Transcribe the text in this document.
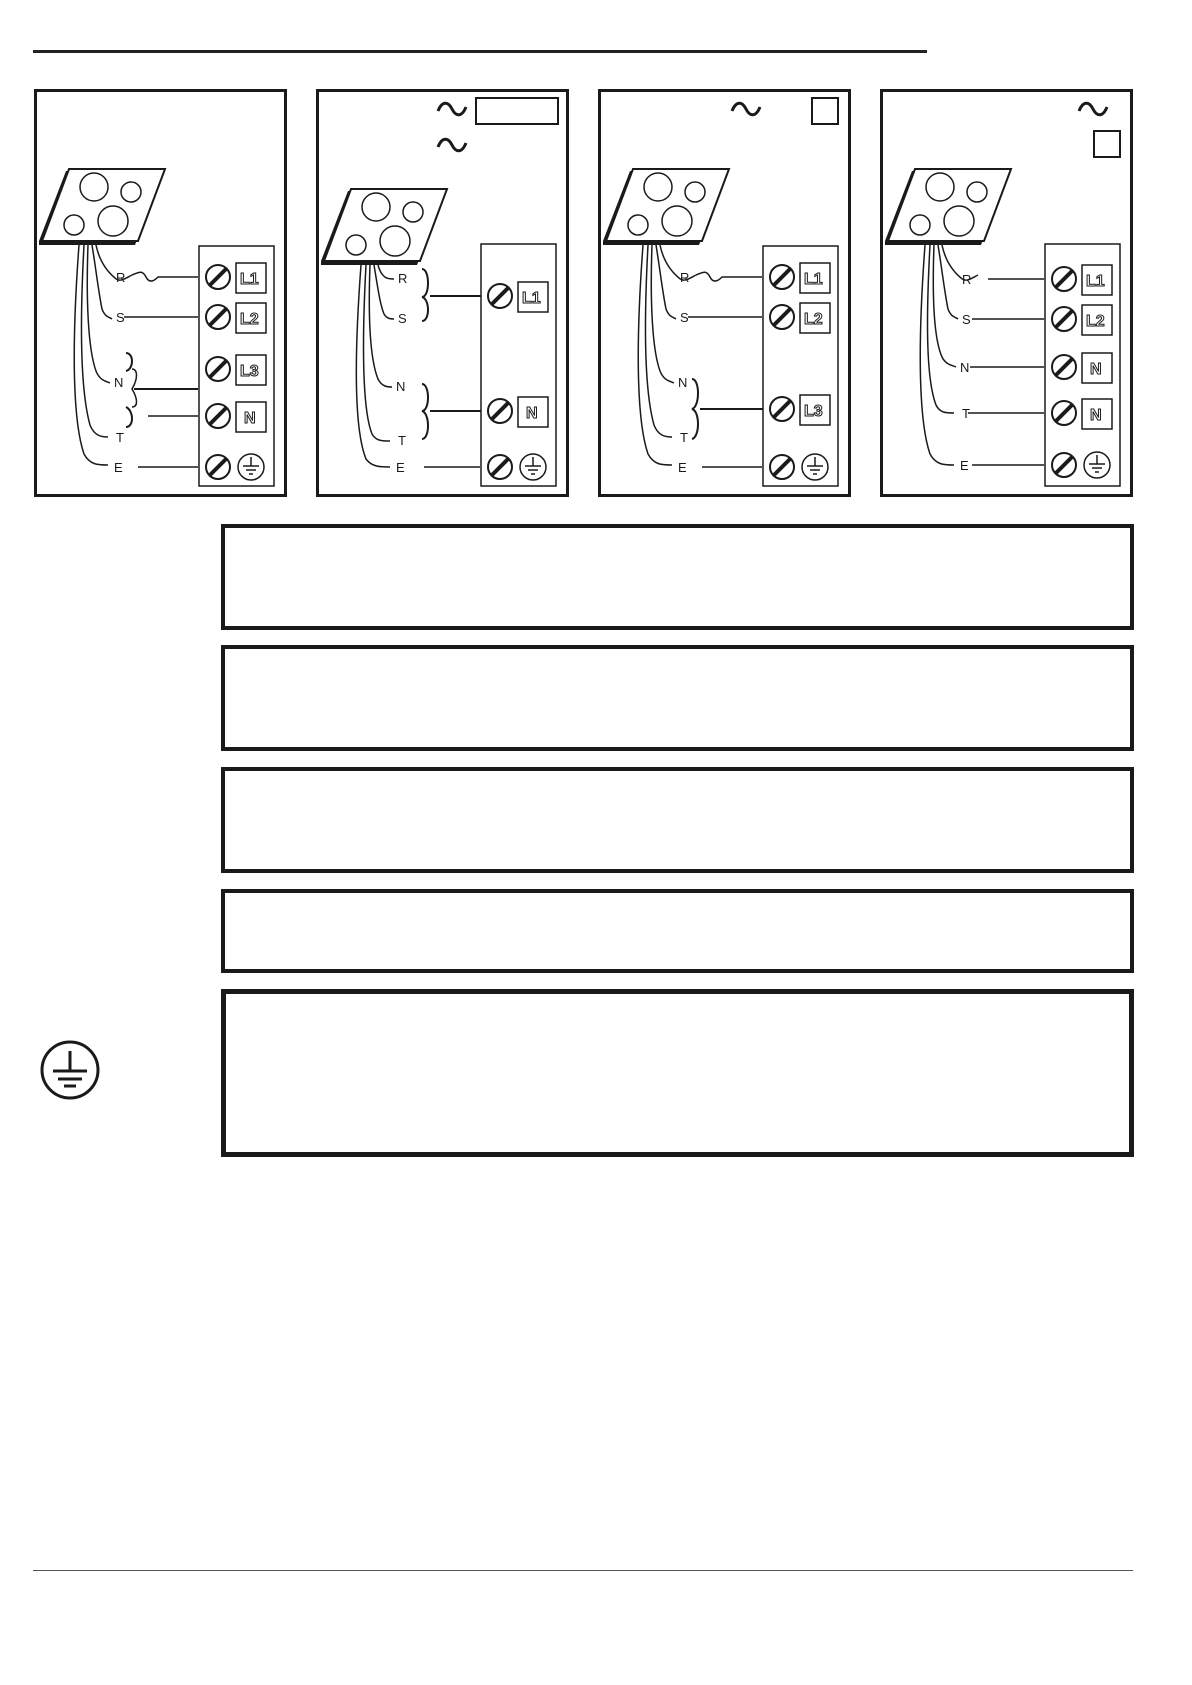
R
S
N
T
E
L1
L2
L3
N
R
S
N
T
E
L1
N
R
S
N
T
E
L1
L2
L3
R
S
N
T
E
L1
L2
N
N
